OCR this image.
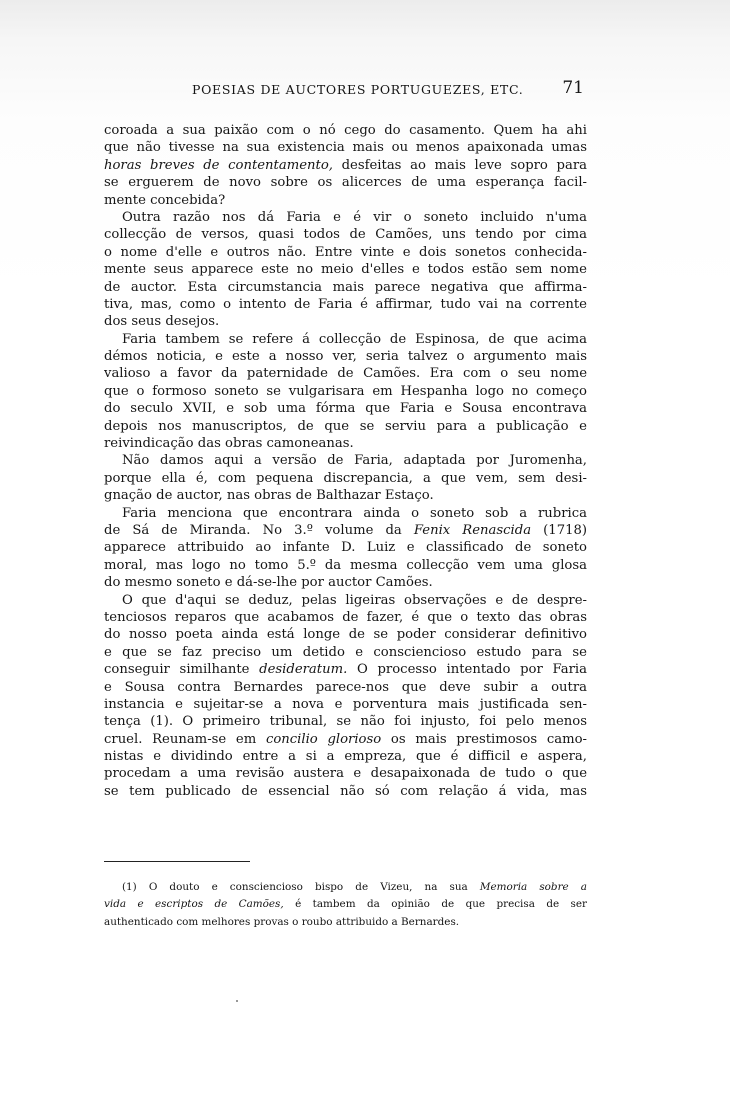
POESIAS DE AUCTORES PORTUGUEZES, ETC. 71
coroada a sua paixão com o nó cego do casamento. Quem ha ahi
que não tivesse na sua existencia mais ou menos apaixonada umas
horas breves de contentamento, desfeitas ao mais leve sopro para
se erguerem de novo sobre os alicerces de uma esperança facil-
mente concebida?
Outra razão nos dá Faria e é vir o soneto incluido n'uma
collecção de versos, quasi todos de Camões, uns tendo por cima
o nome d'elle e outros não. Entre vinte e dois sonetos conhecida-
mente seus apparece este no meio d'elles e todos estão sem nome
de auctor. Esta circumstancia mais parece negativa que affirma-
tiva, mas, como o intento de Faria é affirmar, tudo vai na corrente
dos seus desejos.
Faria tambem se refere á collecção de Espinosa, de que acima
démos noticia, e este a nosso ver, seria talvez o argumento mais
valioso a favor da paternidade de Camões. Era com o seu nome
que o formoso soneto se vulgarisara em Hespanha logo no começo
do seculo XVII, e sob uma fórma que Faria e Sousa encontrava
depois nos manuscriptos, de que se serviu para a publicação e
reivindicação das obras camoneanas.
Não damos aqui a versão de Faria, adaptada por Juromenha,
porque ella é, com pequena discrepancia, a que vem, sem desi-
gnação de auctor, nas obras de Balthazar Estaço.
Faria menciona que encontrara ainda o soneto sob a rubrica
de Sá de Miranda. No 3.º volume da Fenix Renascida (1718)
apparece attribuido ao infante D. Luiz e classificado de soneto
moral, mas logo no tomo 5.º da mesma collecção vem uma glosa
do mesmo soneto e dá-se-lhe por auctor Camões.
O que d'aqui se deduz, pelas ligeiras observações e de despre-
tenciosos reparos que acabamos de fazer, é que o texto das obras
do nosso poeta ainda está longe de se poder considerar definitivo
e que se faz preciso um detido e consciencioso estudo para se
conseguir similhante desideratum. O processo intentado por Faria
e Sousa contra Bernardes parece-nos que deve subir a outra
instancia e sujeitar-se a nova e porventura mais justificada sen-
tença (1). O primeiro tribunal, se não foi injusto, foi pelo menos
cruel. Reunam-se em concilio glorioso os mais prestimosos camo-
nistas e dividindo entre a si a empreza, que é difficil e aspera,
procedam a uma revisão austera e desapaixonada de tudo o que
se tem publicado de essencial não só com relação á vida, mas
(1) O douto e consciencioso bispo de Vizeu, na sua Memoria sobre a
vida e escriptos de Camões, é tambem da opinião de que precisa de ser
authenticado com melhores provas o roubo attribuido a Bernardes.
